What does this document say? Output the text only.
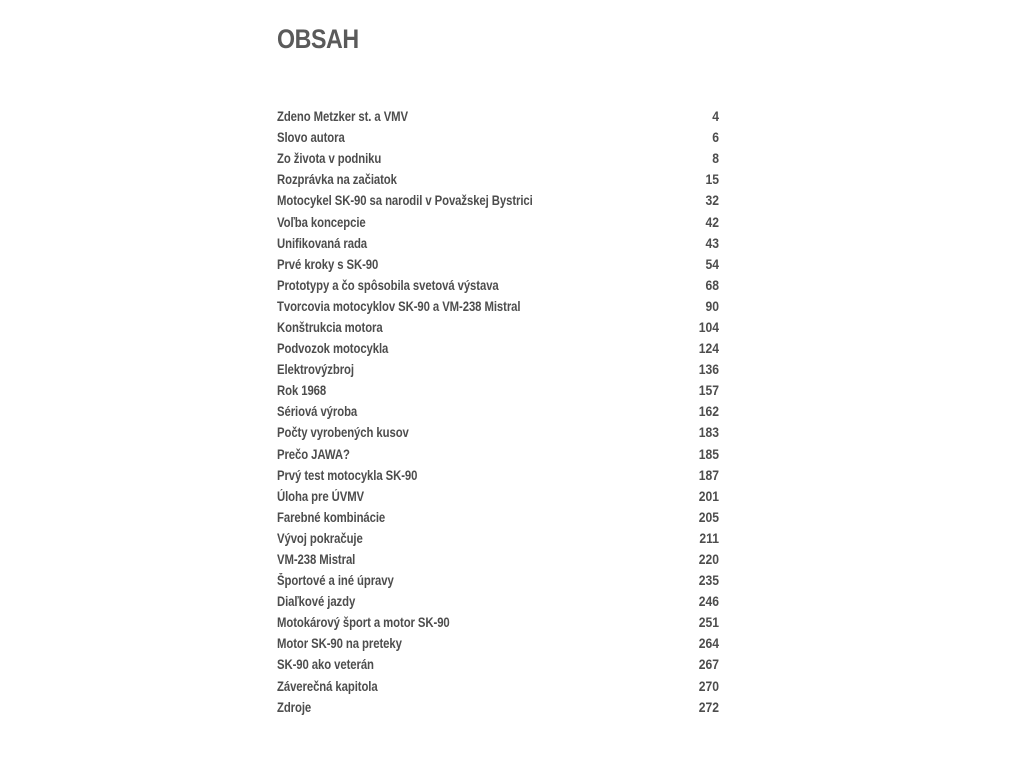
OBSAH
Zdeno Metzker st. a VMV	4
Slovo autora	6
Zo života v podniku	8
Rozprávka na začiatok	15
Motocykel SK-90 sa narodil v Považskej Bystrici	32
Voľba koncepcie	42
Unifikovaná rada	43
Prvé kroky s SK-90	54
Prototypy a čo spôsobila svetová výstava	68
Tvorcovia motocyklov SK-90 a VM-238 Mistral	90
Konštrukcia motora	104
Podvozok motocykla	124
Elektrovýzbroj	136
Rok 1968	157
Sériová výroba	162
Počty vyrobených kusov	183
Prečo JAWA?	185
Prvý test motocykla SK-90	187
Úloha pre ÚVMV	201
Farebné kombinácie	205
Vývoj pokračuje	211
VM-238 Mistral	220
Športové a iné úpravy	235
Diaľkové jazdy	246
Motokárový šport a motor SK-90	251
Motor SK-90 na preteky	264
SK-90 ako veterán	267
Záverečná kapitola	270
Zdroje	272
